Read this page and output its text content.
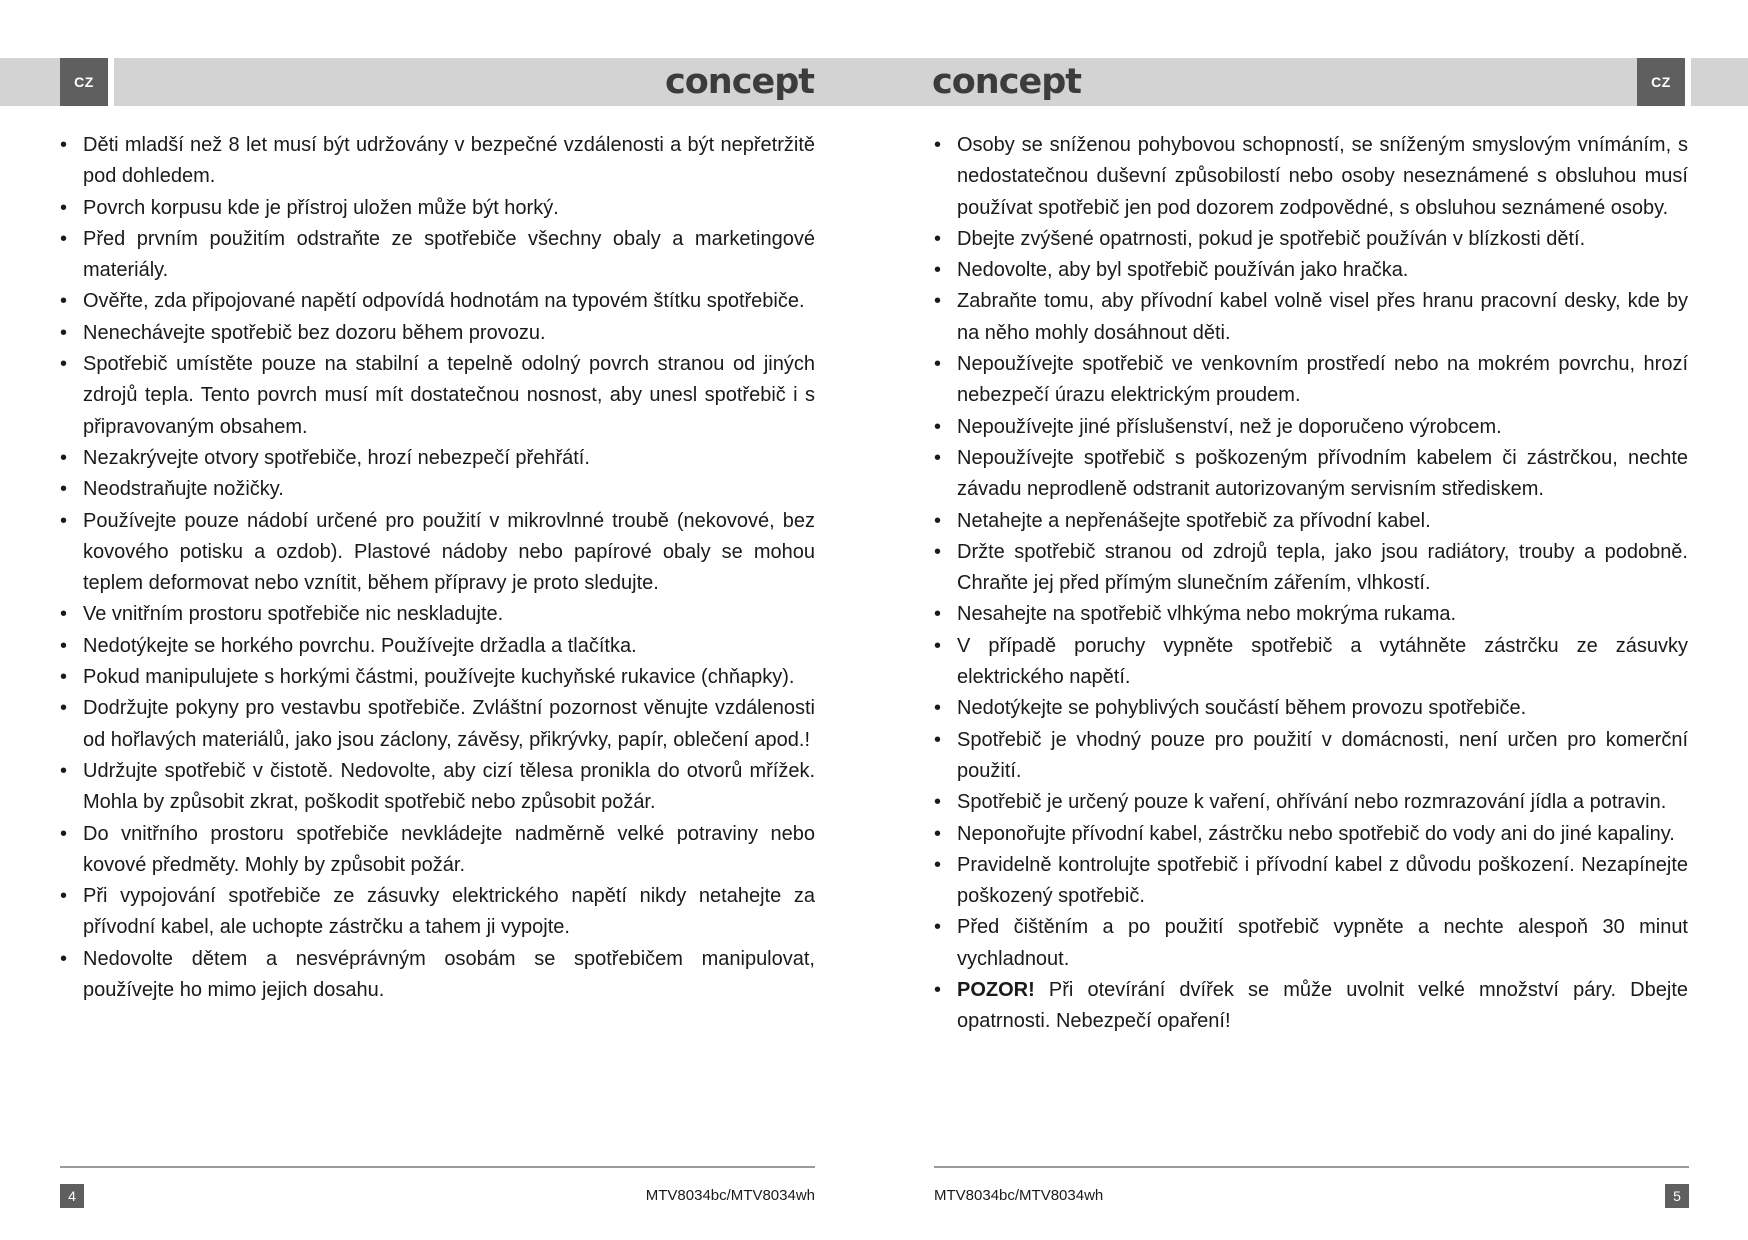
CZ	concept
• Děti mladší než 8 let musí být udržovány v bezpečné vzdálenosti a být nepřetržitě pod dohledem.
• Povrch korpusu kde je přístroj uložen může být horký.
• Před prvním použitím odstraňte ze spotřebiče všechny obaly a marketingové materiály.
• Ověřte, zda připojované napětí odpovídá hodnotám na typovém štítku spotřebiče.
• Nenechávejte spotřebič bez dozoru během provozu.
• Spotřebič umístěte pouze na stabilní a tepelně odolný povrch stranou od jiných zdrojů tepla. Tento povrch musí mít dostatečnou nosnost, aby unesl spotřebič i s připravovaným obsahem.
• Nezakrývejte otvory spotřebiče, hrozí nebezpečí přehřátí.
• Neodstraňujte nožičky.
• Používejte pouze nádobí určené pro použití v mikrovlnné troubě (nekovové, bez kovového potisku a ozdob). Plastové nádoby nebo papírové obaly se mohou teplem deformovat nebo vznítit, během přípravy je proto sledujte.
• Ve vnitřním prostoru spotřebiče nic neskladujte.
• Nedotýkejte se horkého povrchu. Používejte držadla a tlačítka.
• Pokud manipulujete s horkými částmi, používejte kuchyňské rukavice (chňapky).
• Dodržujte pokyny pro vestavbu spotřebiče. Zvláštní pozornost věnujte vzdálenosti od hořlavých materiálů, jako jsou záclony, závěsy, přikrývky, papír, oblečení apod.!
• Udržujte spotřebič v čistotě. Nedovolte, aby cizí tělesa pronikla do otvorů mřížek. Mohla by způsobit zkrat, poškodit spotřebič nebo způsobit požár.
• Do vnitřního prostoru spotřebiče nevkládejte nadměrně velké potraviny nebo kovové předměty. Mohly by způsobit požár.
• Při vypojování spotřebiče ze zásuvky elektrického napětí nikdy netahejte za přívodní kabel, ale uchopte zástrčku a tahem ji vypojte.
• Nedovolte dětem a nesvéprávným osobám se spotřebičem manipulovat, používejte ho mimo jejich dosahu.
4	MTV8034bc/MTV8034wh
CZ
concept
• Osoby se sníženou pohybovou schopností, se sníženým smyslovým vnímáním, s nedostatečnou duševní způsobilostí nebo osoby neseznámené s obsluhou musí používat spotřebič jen pod dozorem zodpovědné, s obsluhou seznámené osoby.
• Dbejte zvýšené opatrnosti, pokud je spotřebič používán v blízkosti dětí.
• Nedovolte, aby byl spotřebič používán jako hračka.
• Zabraňte tomu, aby přívodní kabel volně visel přes hranu pracovní desky, kde by na něho mohly dosáhnout děti.
• Nepoužívejte spotřebič ve venkovním prostředí nebo na mokrém povrchu, hrozí nebezpečí úrazu elektrickým proudem.
• Nepoužívejte jiné příslušenství, než je doporučeno výrobcem.
• Nepoužívejte spotřebič s poškozeným přívodním kabelem či zástrčkou, nechte závadu neprodleně odstranit autorizovaným servisním střediskem.
• Netahejte a nepřenášejte spotřebič za přívodní kabel.
• Držte spotřebič stranou od zdrojů tepla, jako jsou radiátory, trouby a podobně. Chraňte jej před přímým slunečním zářením, vlhkostí.
• Nesahejte na spotřebič vlhkýma nebo mokrýma rukama.
• V případě poruchy vypněte spotřebič a vytáhněte zástrčku ze zásuvky elektrického napětí.
• Nedotýkejte se pohyblivých součástí během provozu spotřebiče.
• Spotřebič je vhodný pouze pro použití v domácnosti, není určen pro komerční použití.
• Spotřebič je určený pouze k vaření, ohřívání nebo rozmrazování jídla a potravin.
• Neponořujte přívodní kabel, zástrčku nebo spotřebič do vody ani do jiné kapaliny.
• Pravidelně kontrolujte spotřebič i přívodní kabel z důvodu poškození. Nezapínejte poškozený spotřebič.
• Před čištěním a po použití spotřebič vypněte a nechte alespoň 30 minut vychladnout.
• POZOR! Při otevírání dvířek se může uvolnit velké množství páry. Dbejte opatrnosti. Nebezpečí opaření!
MTV8034bc/MTV8034wh	5
